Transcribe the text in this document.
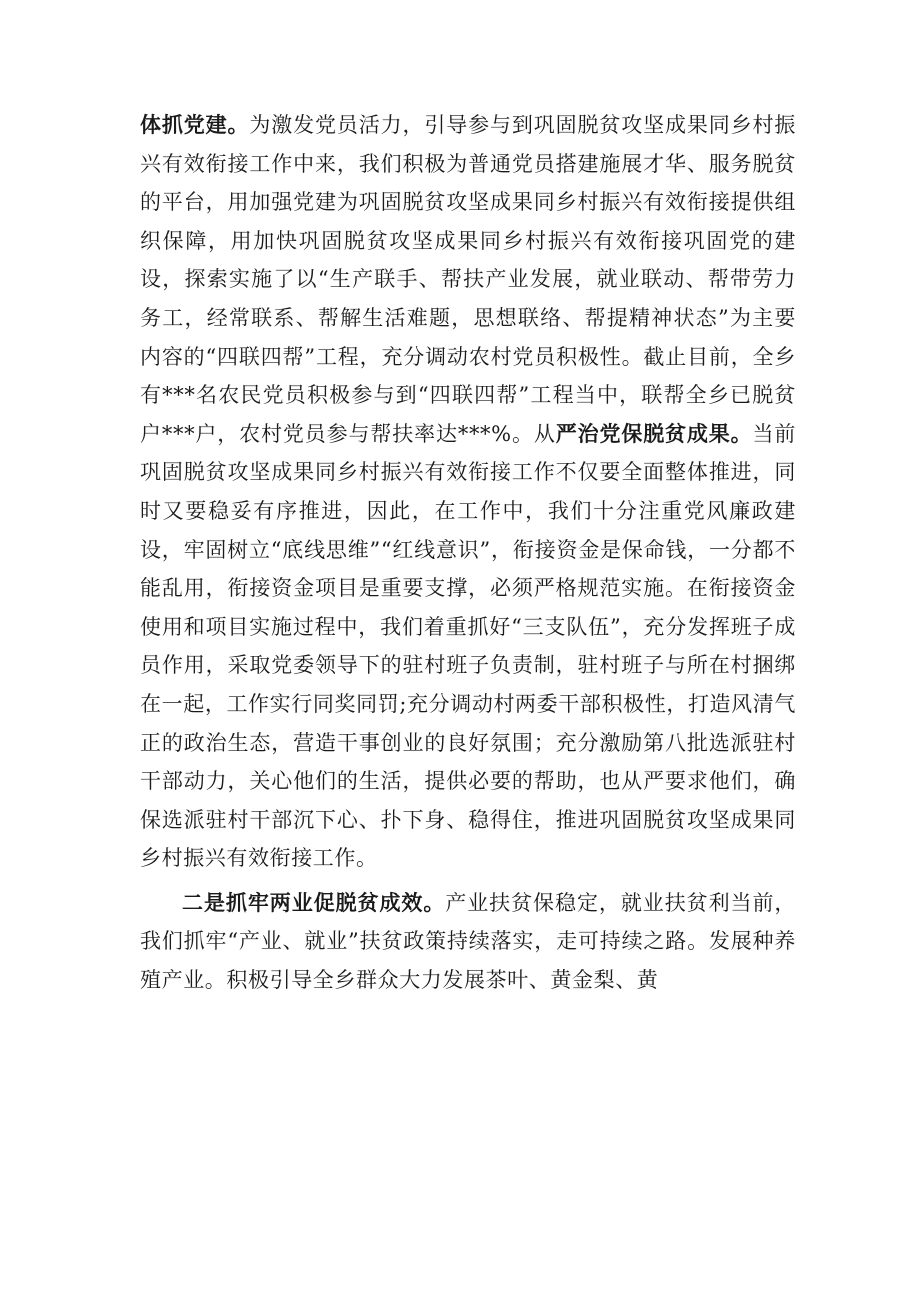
体抓党建。为激发党员活力，引导参与到巩固脱贫攻坚成果同乡村振兴有效衔接工作中来，我们积极为普通党员搭建施展才华、服务脱贫的平台，用加强党建为巩固脱贫攻坚成果同乡村振兴有效衔接提供组织保障，用加快巩固脱贫攻坚成果同乡村振兴有效衔接巩固党的建设，探索实施了以“生产联手、帮扶产业发展，就业联动、帮带劳力务工，经常联系、帮解生活难题，思想联络、帮提精神状态”为主要内容的“四联四帮”工程，充分调动农村党员积极性。截止目前，全乡有***名农民党员积极参与到“四联四帮”工程当中，联帮全乡已脱贫户***户，农村党员参与帮扶率达***%。从严治党保脱贫成果。当前巩固脱贫攻坚成果同乡村振兴有效衔接工作不仅要全面整体推进，同时又要稳妥有序推进，因此，在工作中，我们十分注重党风廉政建设，牢固树立“底线思维”“红线意识”，衔接资金是保命钱，一分都不能乱用，衔接资金项目是重要支撑，必须严格规范实施。在衔接资金使用和项目实施过程中，我们着重抓好“三支队伍”，充分发挥班子成员作用，采取党委领导下的驻村班子负责制，驻村班子与所在村捆绑在一起，工作实行同奖同罚;充分调动村两委干部积极性，打造风清气正的政治生态，营造干事创业的良好氛围；充分激励第八批选派驻村干部动力，关心他们的生活，提供必要的帮助，也从严要求他们，确保选派驻村干部沉下心、扑下身、稳得住，推进巩固脱贫攻坚成果同乡村振兴有效衔接工作。

二是抓牢两业促脱贫成效。产业扶贫保稳定，就业扶贫利当前，我们抓牢“产业、就业”扶贫政策持续落实，走可持续之路。发展种养殖产业。积极引导全乡群众大力发展茶叶、黄金梨、黄
